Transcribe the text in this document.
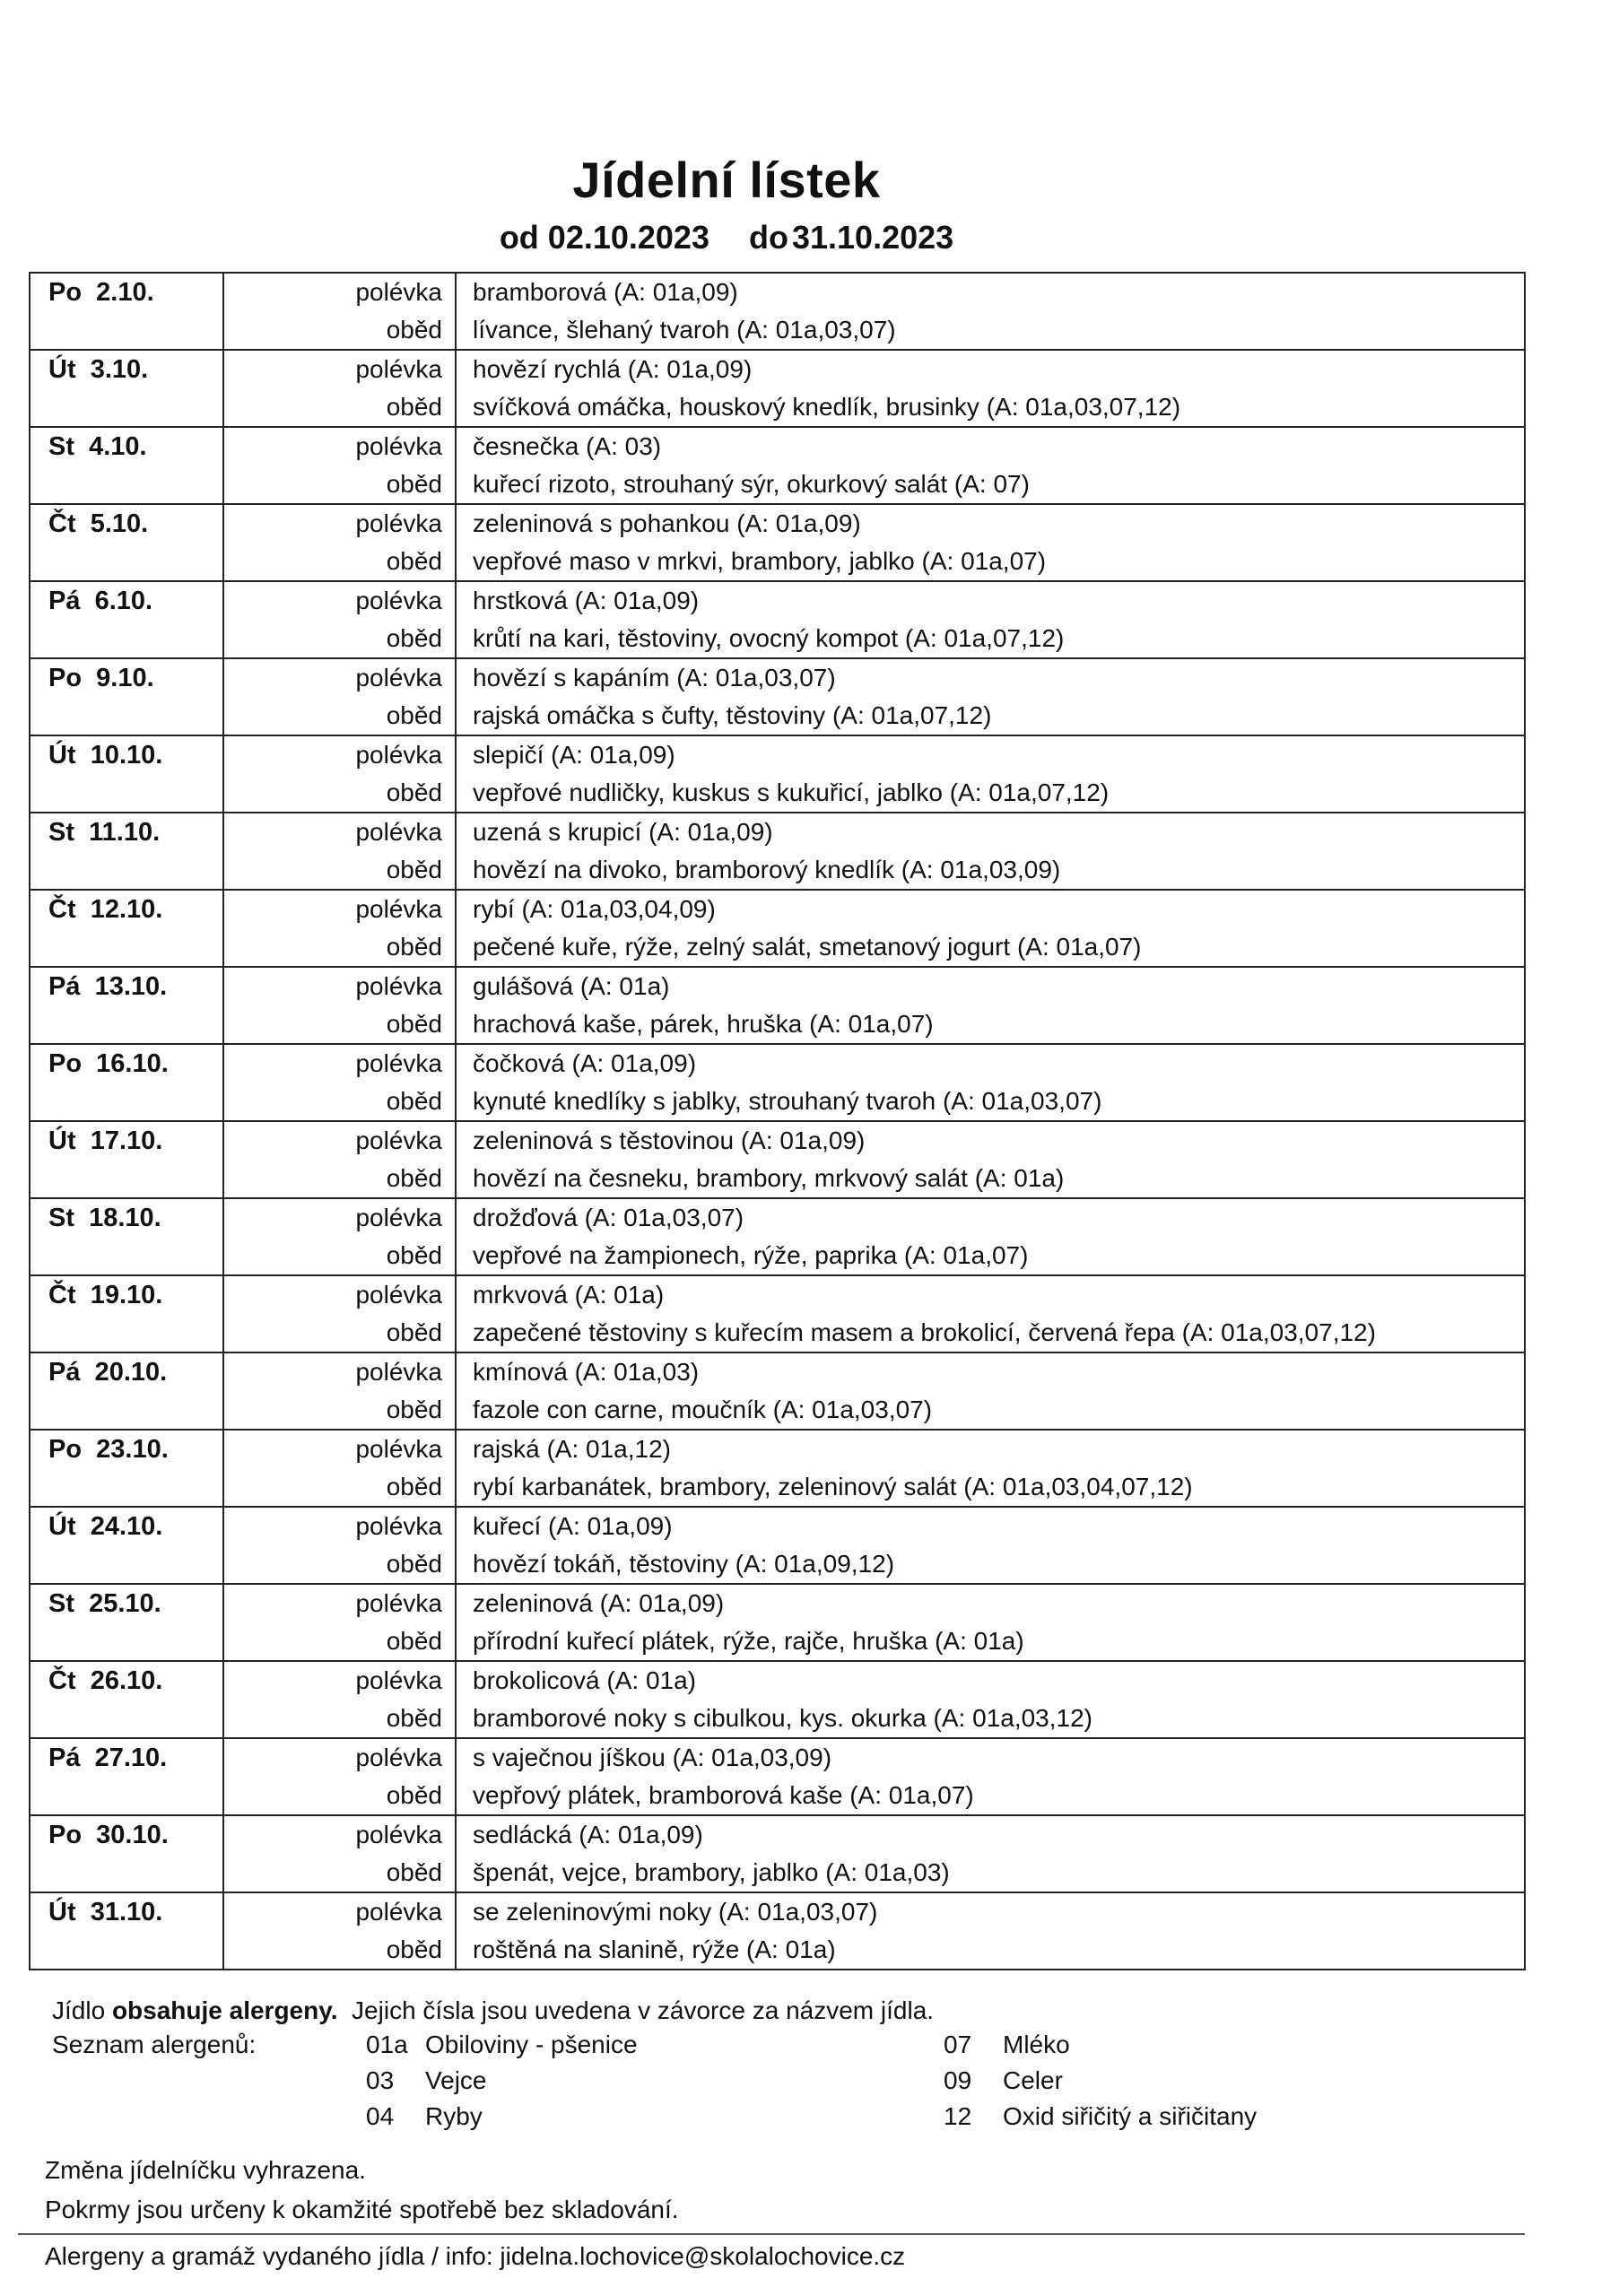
Jídelní lístek
od 02.10.2023 do 31.10.2023
Po  2.10.	polévka	bramborová (A: 01a,09)
	oběd	lívance, šlehaný tvaroh (A: 01a,03,07)
Út  3.10.	polévka	hovězí rychlá (A: 01a,09)
	oběd	svíčková omáčka, houskový knedlík, brusinky (A: 01a,03,07,12)
St  4.10.	polévka	česnečka (A: 03)
	oběd	kuřecí rizoto, strouhaný sýr, okurkový salát (A: 07)
Čt  5.10.	polévka	zeleninová s pohankou (A: 01a,09)
	oběd	vepřové maso v mrkvi, brambory, jablko (A: 01a,07)
Pá  6.10.	polévka	hrstková (A: 01a,09)
	oběd	krůtí na kari, těstoviny, ovocný kompot (A: 01a,07,12)
Po  9.10.	polévka	hovězí s kapáním (A: 01a,03,07)
	oběd	rajská omáčka s čufty, těstoviny (A: 01a,07,12)
Út  10.10.	polévka	slepičí (A: 01a,09)
	oběd	vepřové nudličky, kuskus s kukuřicí, jablko (A: 01a,07,12)
St  11.10.	polévka	uzená s krupicí (A: 01a,09)
	oběd	hovězí na divoko, bramborový knedlík (A: 01a,03,09)
Čt  12.10.	polévka	rybí (A: 01a,03,04,09)
	oběd	pečené kuře, rýže, zelný salát, smetanový jogurt (A: 01a,07)
Pá  13.10.	polévka	gulášová (A: 01a)
	oběd	hrachová kaše, párek, hruška (A: 01a,07)
Po  16.10.	polévka	čočková (A: 01a,09)
	oběd	kynuté knedlíky s jablky, strouhaný tvaroh (A: 01a,03,07)
Út  17.10.	polévka	zeleninová s těstovinou (A: 01a,09)
	oběd	hovězí na česneku, brambory, mrkvový salát (A: 01a)
St  18.10.	polévka	drožďová (A: 01a,03,07)
	oběd	vepřové na žampionech, rýže, paprika (A: 01a,07)
Čt  19.10.	polévka	mrkvová (A: 01a)
	oběd	zapečené těstoviny s kuřecím masem a brokolicí, červená řepa (A: 01a,03,07,12)
Pá  20.10.	polévka	kmínová (A: 01a,03)
	oběd	fazole con carne, moučník (A: 01a,03,07)
Po  23.10.	polévka	rajská (A: 01a,12)
	oběd	rybí karbanátek, brambory, zeleninový salát (A: 01a,03,04,07,12)
Út  24.10.	polévka	kuřecí (A: 01a,09)
	oběd	hovězí tokáň, těstoviny (A: 01a,09,12)
St  25.10.	polévka	zeleninová (A: 01a,09)
	oběd	přírodní kuřecí plátek, rýže, rajče, hruška (A: 01a)
Čt  26.10.	polévka	brokolicová (A: 01a)
	oběd	bramborové noky s cibulkou, kys. okurka (A: 01a,03,12)
Pá  27.10.	polévka	s vaječnou jíškou (A: 01a,03,09)
	oběd	vepřový plátek, bramborová kaše (A: 01a,07)
Po  30.10.	polévka	sedlácká (A: 01a,09)
	oběd	špenát, vejce, brambory, jablko (A: 01a,03)
Út  31.10.	polévka	se zeleninovými noky (A: 01a,03,07)
	oběd	roštěná na slanině, rýže (A: 01a)
Jídlo obsahuje alergeny.  Jejich čísla jsou uvedena v závorce za názvem jídla.
Seznam alergenů:	01a Obiloviny - pšenice
03 Vejce
04 Ryby
07 Mléko
09 Celer
12 Oxid siřičitý a siřičitany
Změna jídelníčku vyhrazena.
Pokrmy jsou určeny k okamžité spotřebě bez skladování.
Alergeny a gramáž vydaného jídla / info: jidelna.lochovice@skolalochovice.cz
